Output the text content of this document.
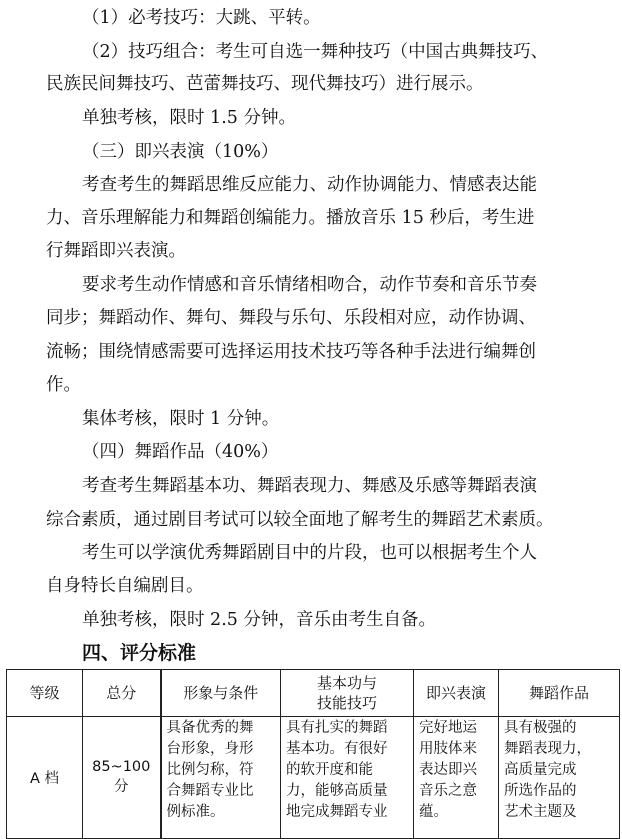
（1）必考技巧：大跳、平转。
（2）技巧组合：考生可自选一舞种技巧（中国古典舞技巧、
民族民间舞技巧、芭蕾舞技巧、现代舞技巧）进行展示。
单独考核，限时 1.5 分钟。
（三）即兴表演（10%）
考查考生的舞蹈思维反应能力、动作协调能力、情感表达能
力、音乐理解能力和舞蹈创编能力。播放音乐 15 秒后，考生进
行舞蹈即兴表演。
要求考生动作情感和音乐情绪相吻合，动作节奏和音乐节奏
同步；舞蹈动作、舞句、舞段与乐句、乐段相对应，动作协调、
流畅；围绕情感需要可选择运用技术技巧等各种手法进行编舞创
作。
集体考核，限时 1 分钟。
（四）舞蹈作品（40%）
考查考生舞蹈基本功、舞蹈表现力、舞感及乐感等舞蹈表演
综合素质，通过剧目考试可以较全面地了解考生的舞蹈艺术素质。
考生可以学演优秀舞蹈剧目中的片段，也可以根据考生个人
自身特长自编剧目。
单独考核，限时 2.5 分钟，音乐由考生自备。
四、评分标准
等级	总分	形象与条件	基本功与
技能技巧	即兴表演	舞蹈作品
A 档	85~100 分	具备优秀的舞
台形象，身形
比例匀称，符
合舞蹈专业比
例标准。	具有扎实的舞蹈
基本功。有很好
的软开度和能
力，能够高质量
地完成舞蹈专业	完好地运
用肢体来
表达即兴
音乐之意
蕴。	具有极强的
舞蹈表现力，
高质量完成
所选作品的
艺术主题及
